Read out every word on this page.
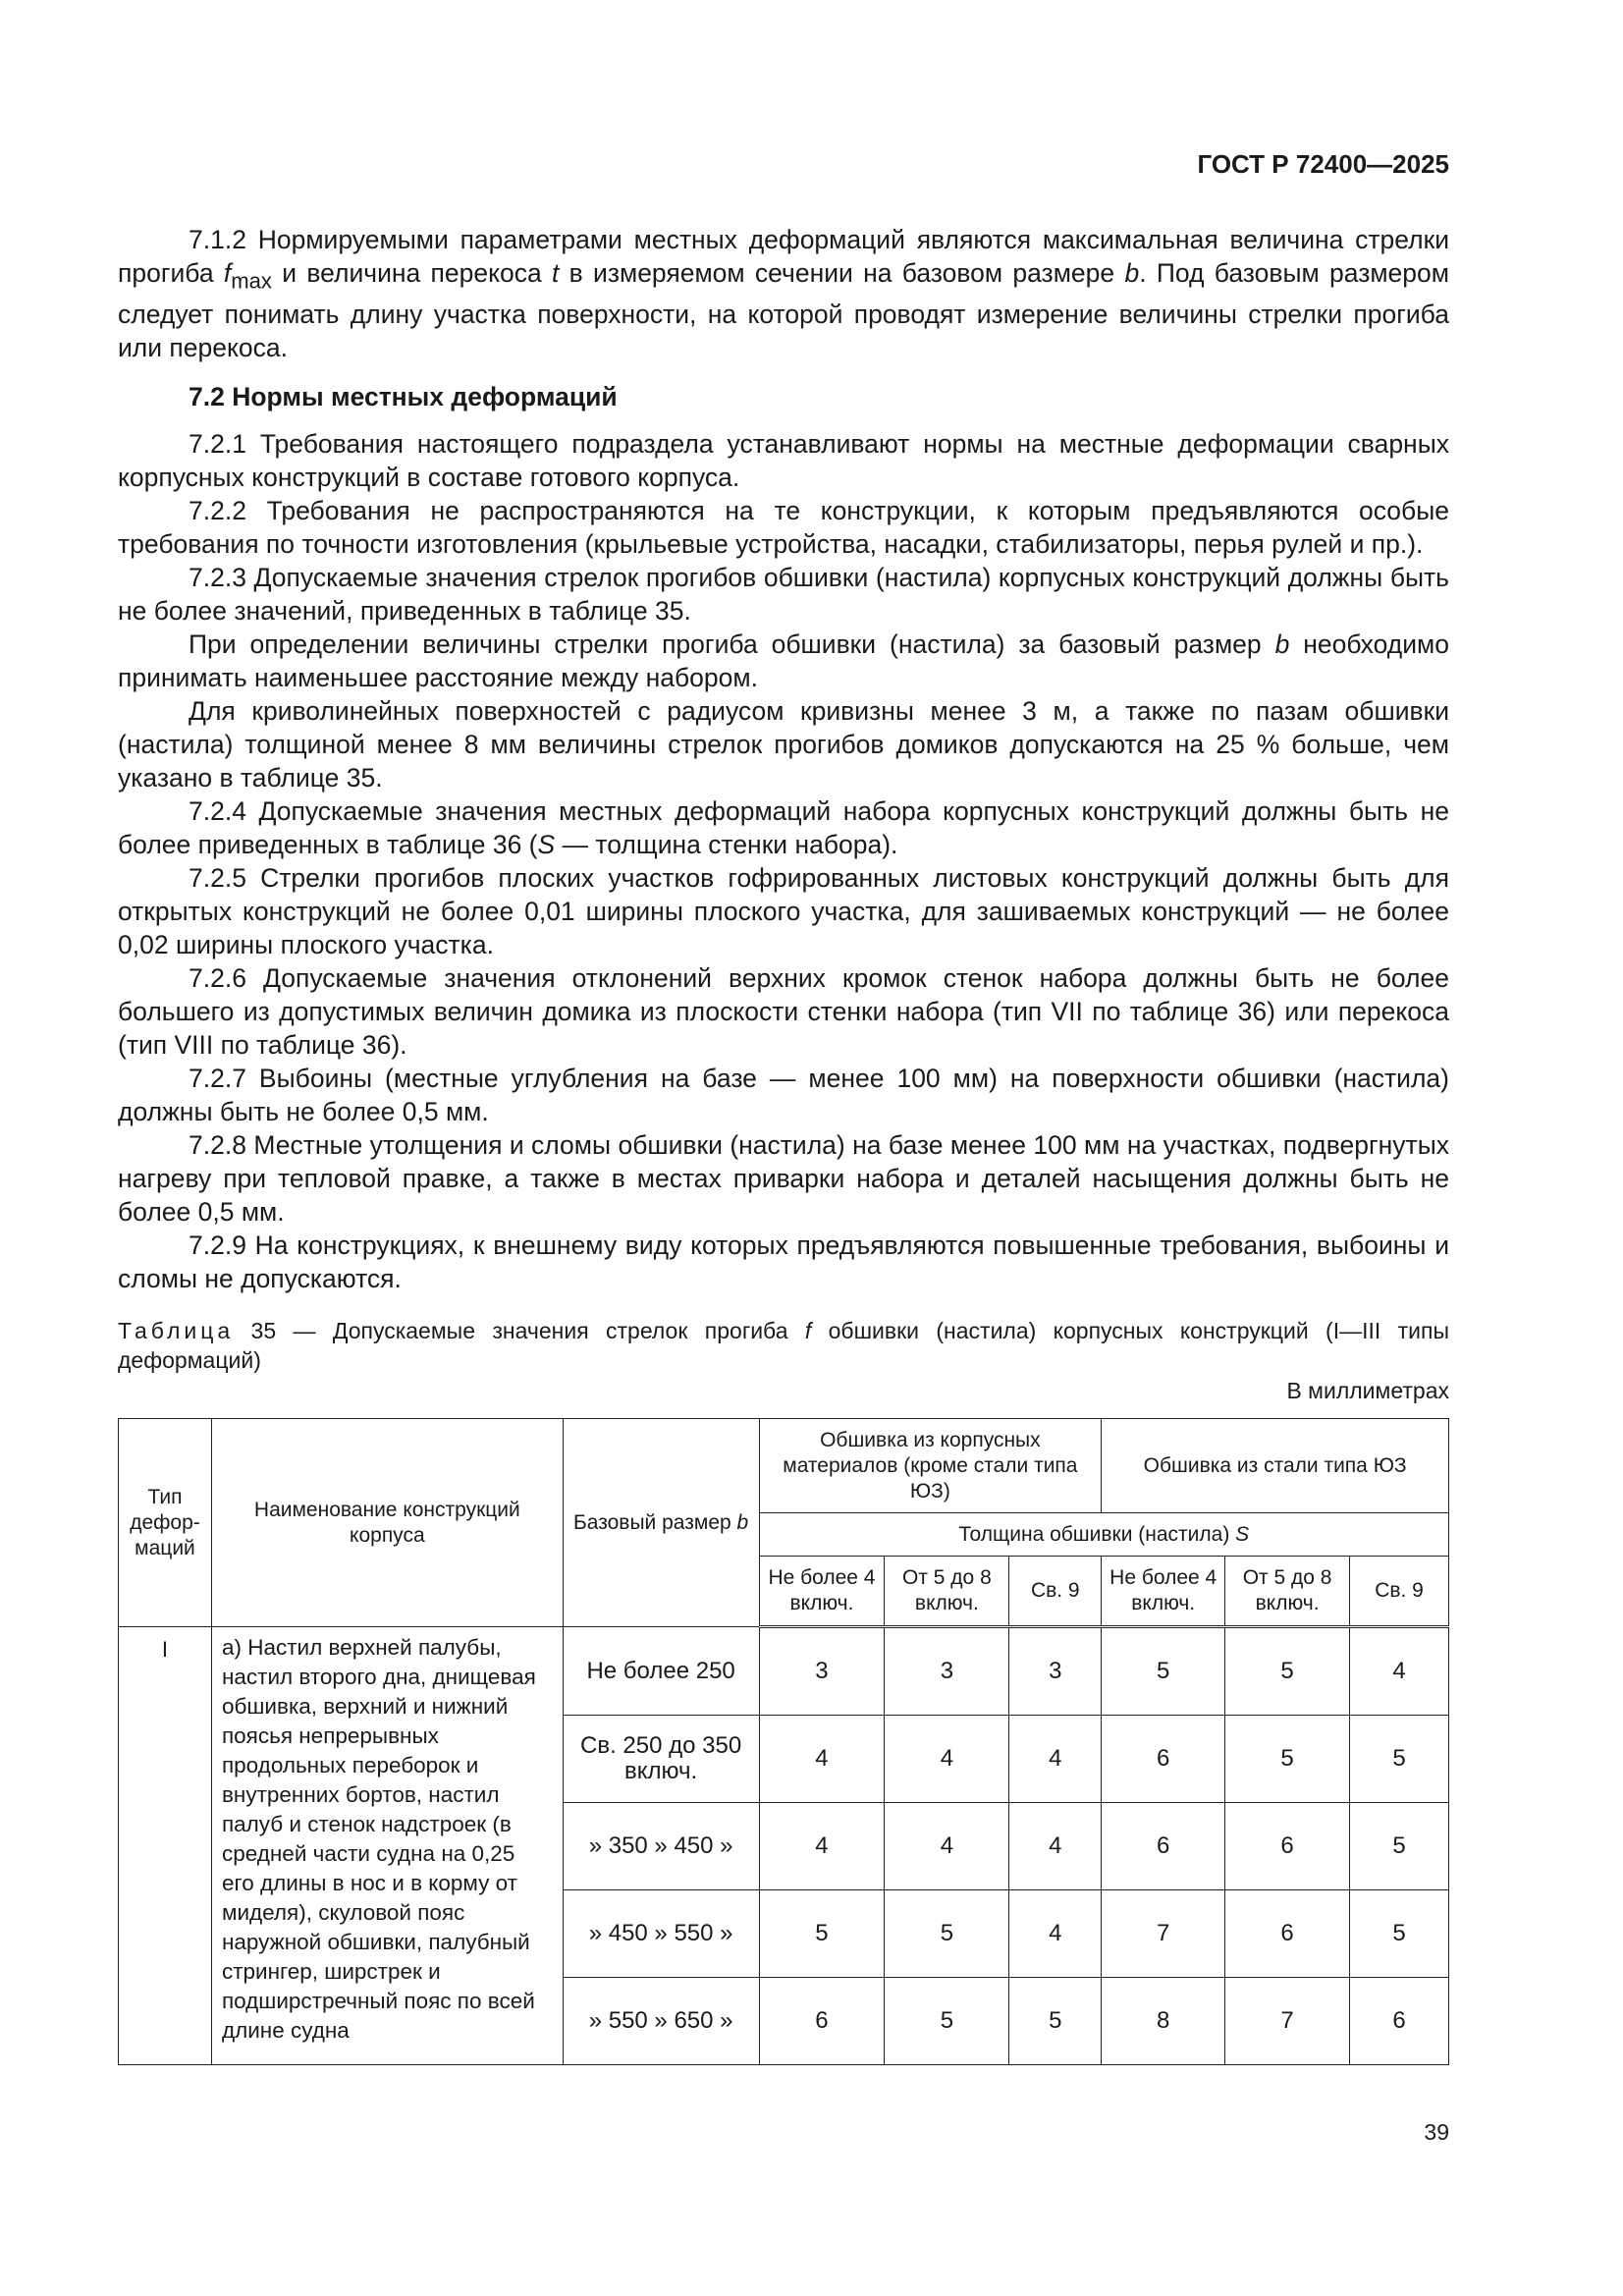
ГОСТ Р 72400—2025

7.1.2 Нормируемыми параметрами местных деформаций являются максимальная величина стрелки прогиба $f_{max}$ и величина перекоса t в измеряемом сечении на базовом размере b. Под базовым размером следует понимать длину участка поверхности, на которой проводят измерение величины стрелки прогиба или перекоса.

7.2 Нормы местных деформаций

7.2.1 Требования настоящего подраздела устанавливают нормы на местные деформации сварных корпусных конструкций в составе готового корпуса.

7.2.2 Требования не распространяются на те конструкции, к которым предъявляются особые требования по точности изготовления (крыльевые устройства, насадки, стабилизаторы, перья рулей и пр.).

7.2.3 Допускаемые значения стрелок прогибов обшивки (настила) корпусных конструкций должны быть не более значений, приведенных в таблице 35.

При определении величины стрелки прогиба обшивки (настила) за базовый размер b необходимо принимать наименьшее расстояние между набором.

Для криволинейных поверхностей с радиусом кривизны менее 3 м, а также по пазам обшивки (настила) толщиной менее 8 мм величины стрелок прогибов домиков допускаются на 25 % больше, чем указано в таблице 35.

7.2.4 Допускаемые значения местных деформаций набора корпусных конструкций должны быть не более приведенных в таблице 36 (S — толщина стенки набора).

7.2.5 Стрелки прогибов плоских участков гофрированных листовых конструкций должны быть для открытых конструкций не более 0,01 ширины плоского участка, для зашиваемых конструкций — не более 0,02 ширины плоского участка.

7.2.6 Допускаемые значения отклонений верхних кромок стенок набора должны быть не более большего из допустимых величин домика из плоскости стенки набора (тип VII по таблице 36) или перекоса (тип VIII по таблице 36).

7.2.7 Выбоины (местные углубления на базе — менее 100 мм) на поверхности обшивки (настила) должны быть не более 0,5 мм.

7.2.8 Местные утолщения и сломы обшивки (настила) на базе менее 100 мм на участках, подвергнутых нагреву при тепловой правке, а также в местах приварки набора и деталей насыщения должны быть не более 0,5 мм.

7.2.9 На конструкциях, к внешнему виду которых предъявляются повышенные требования, выбоины и сломы не допускаются.

Таблица 35 — Допускаемые значения стрелок прогиба f обшивки (настила) корпусных конструкций (I—III типы деформаций)
В миллиметрах
Тип дефор-маций	Наименование конструкций корпуса	Базовый размер b	Обшивка из корпусных материалов (кроме стали типа ЮЗ)			Обшивка из стали типа ЮЗ		
			Толщина обшивки (настила) S					
			Не более 4 включ.	От 5 до 8 включ.	Св. 9	Не более 4 включ.	От 5 до 8 включ.	Св. 9
I	а) Настил верхней палубы, настил второго дна, днищевая обшивка, верхний и нижний поясья непрерывных продольных переборок и внутренних бортов, настил палуб и стенок надстроек (в средней части судна на 0,25 его длины в нос и в корму от миделя), скуловой пояс наружной обшивки, палубный стрингер, ширстрек и подширстречный пояс по всей длине судна	Не более 250	3	3	3	5	5	4
		Св. 250 до 350 включ.	4	4	4	6	5	5
		» 350 » 450 »	4	4	4	6	6	5
		» 450 » 550 »	5	5	4	7	6	5
		» 550 » 650 »	6	5	5	8	7	6
39
